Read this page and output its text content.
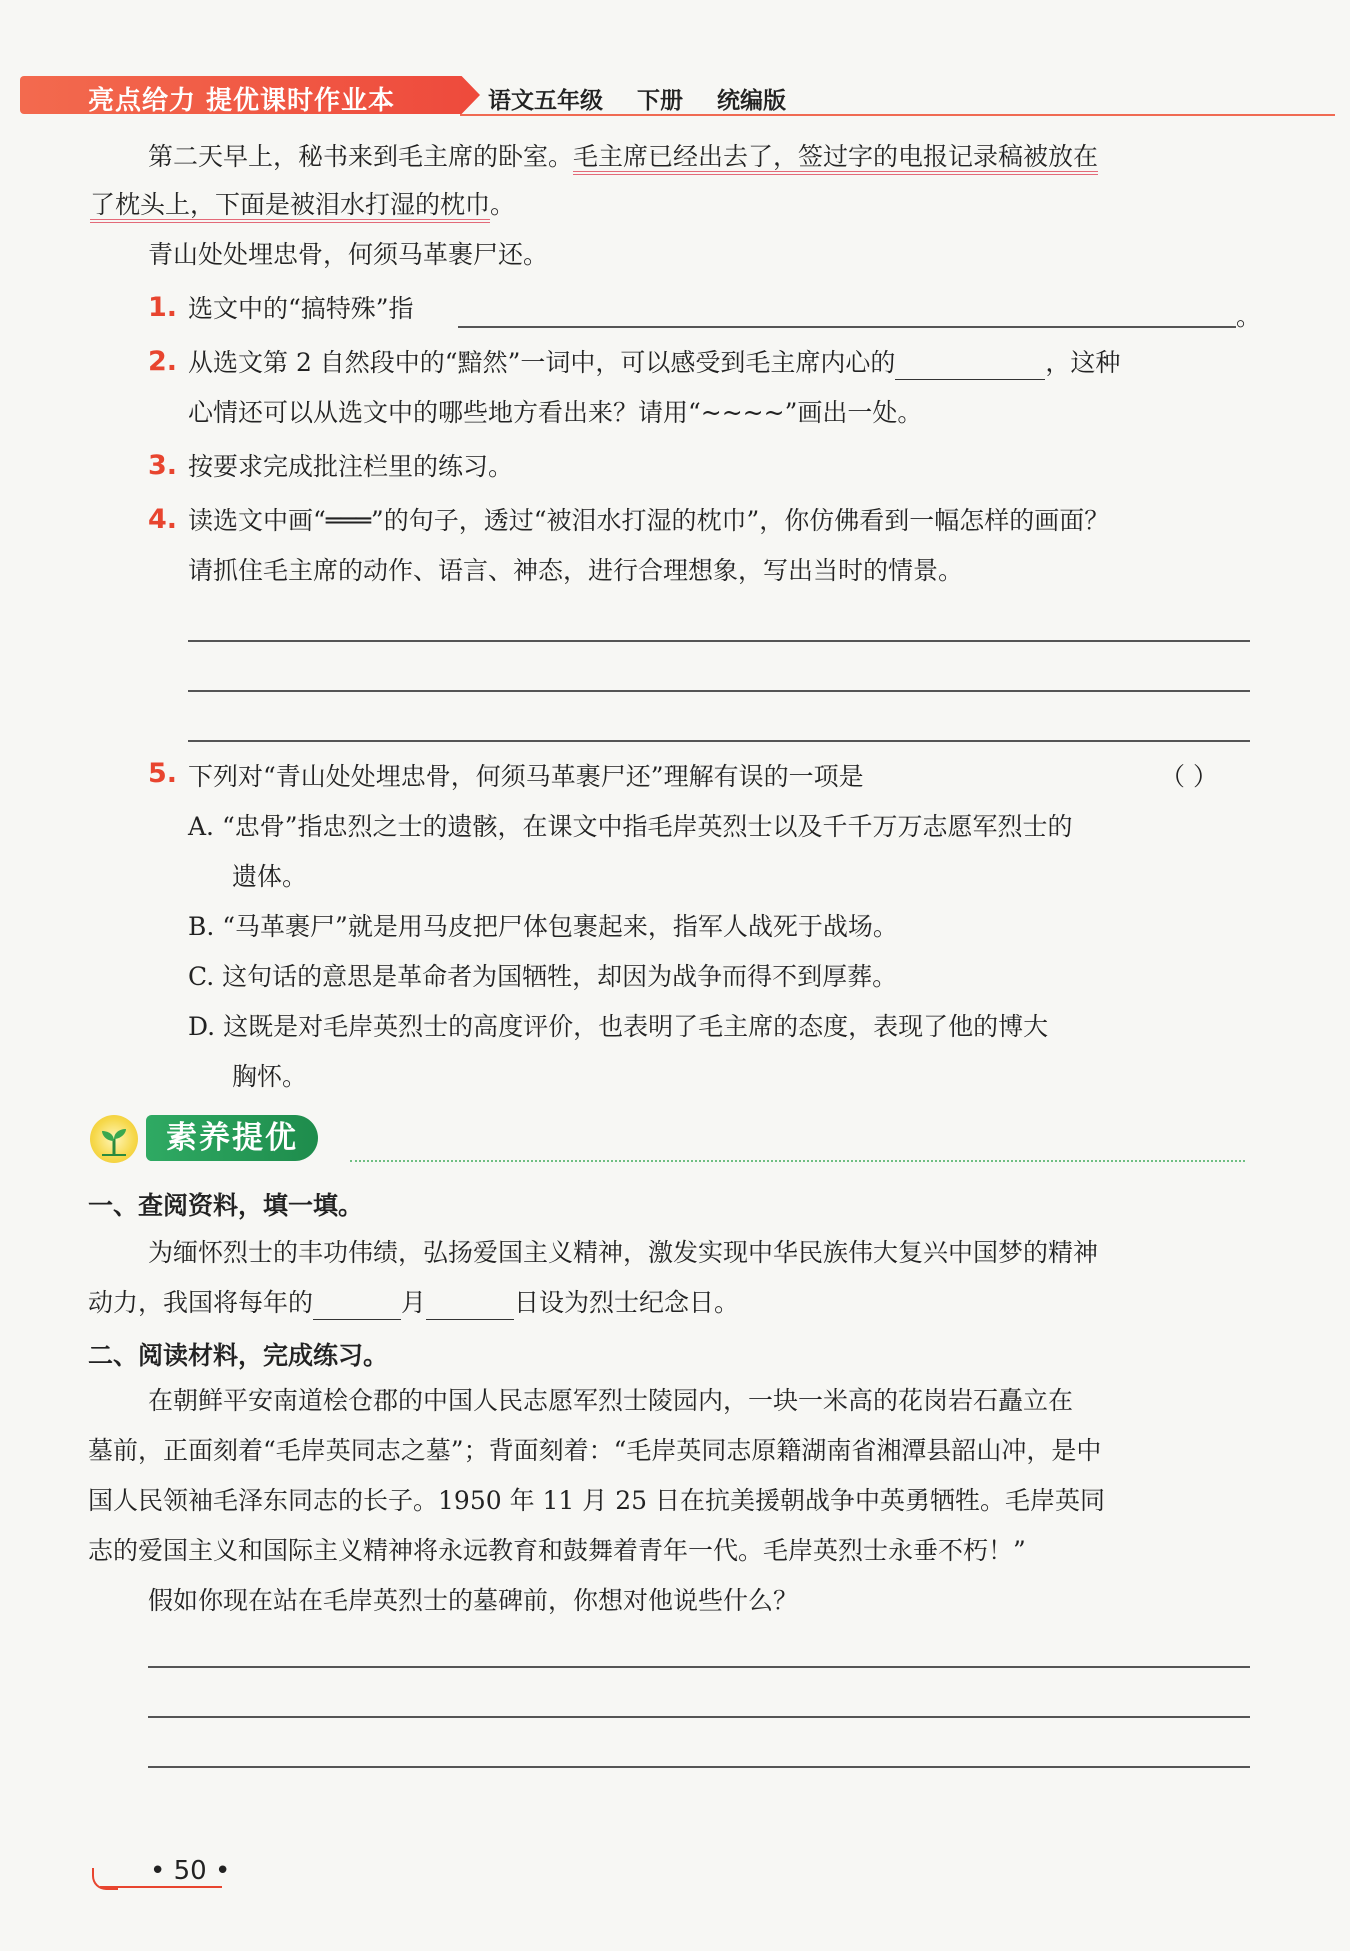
亮点给力 提优课时作业本	语文五年级 下册 统编版
第二天早上，秘书来到毛主席的卧室。毛主席已经出去了，签过字的电报记录稿被放在
了枕头上，下面是被泪水打湿的枕巾。
青山处处埋忠骨，何须马革裹尸还。
1. 选文中的“搞特殊”指	。
2. 从选文第 2 自然段中的“黯然”一词中，可以感受到毛主席内心的	，这种
心情还可以从选文中的哪些地方看出来？请用“~~~~”画出一处。
3. 按要求完成批注栏里的练习。
4. 读选文中画“═══”的句子，透过“被泪水打湿的枕巾”，你仿佛看到一幅怎样的画面？
请抓住毛主席的动作、语言、神态，进行合理想象，写出当时的情景。
5. 下列对“青山处处埋忠骨，何须马革裹尸还”理解有误的一项是	（ ）
A. “忠骨”指忠烈之士的遗骸，在课文中指毛岸英烈士以及千千万万志愿军烈士的
遗体。
B. “马革裹尸”就是用马皮把尸体包裹起来，指军人战死于战场。
C. 这句话的意思是革命者为国牺牲，却因为战争而得不到厚葬。
D. 这既是对毛岸英烈士的高度评价，也表明了毛主席的态度，表现了他的博大
胸怀。
素养提优
一、查阅资料，填一填。
为缅怀烈士的丰功伟绩，弘扬爱国主义精神，激发实现中华民族伟大复兴中国梦的精神
动力，我国将每年的	月	日设为烈士纪念日。
二、阅读材料，完成练习。
在朝鲜平安南道桧仓郡的中国人民志愿军烈士陵园内，一块一米高的花岗岩石矗立在
墓前，正面刻着“毛岸英同志之墓”；背面刻着：“毛岸英同志原籍湖南省湘潭县韶山冲，是中
国人民领袖毛泽东同志的长子。1950 年 11 月 25 日在抗美援朝战争中英勇牺牲。毛岸英同
志的爱国主义和国际主义精神将永远教育和鼓舞着青年一代。毛岸英烈士永垂不朽！”
假如你现在站在毛岸英烈士的墓碑前，你想对他说些什么？
• 50 •
